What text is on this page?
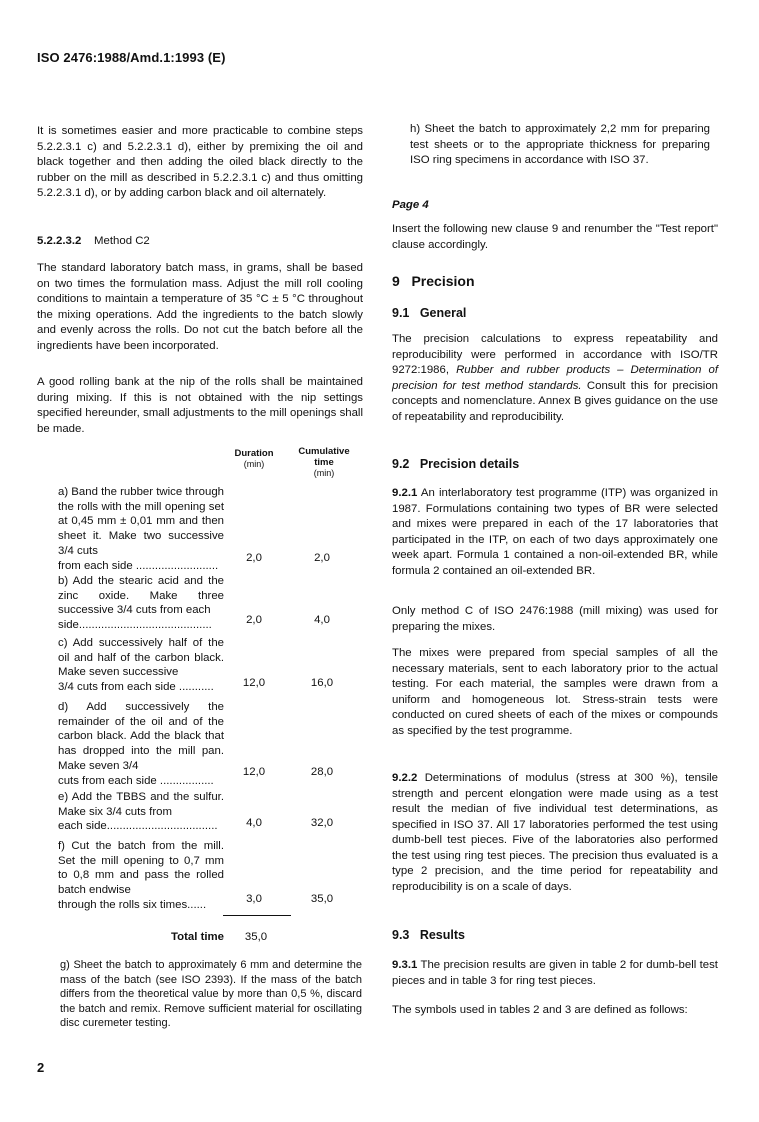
ISO 2476:1988/Amd.1:1993 (E)

It is sometimes easier and more practicable to combine steps 5.2.2.3.1 c) and 5.2.2.3.1 d), either by premixing the oil and black together and then adding the oiled black directly to the rubber on the mill as described in 5.2.2.3.1 c) and thus omitting 5.2.2.3.1 d), or by adding carbon black and oil alternately.

5.2.2.3.2 Method C2

The standard laboratory batch mass, in grams, shall be based on two times the formulation mass. Adjust the mill roll cooling conditions to maintain a temperature of 35 °C ± 5 °C throughout the mixing operations. Add the ingredients to the batch slowly and evenly across the rolls. Do not cut the batch before all the ingredients have been incorporated.

A good rolling bank at the nip of the rolls shall be maintained during mixing. If this is not obtained with the nip settings specified hereunder, small adjustments to the mill openings shall be made.

Duration
(min)
Cumulative
time
(min)
a) Band the rubber twice through the rolls with the mill opening set at 0,45 mm ± 0,01 mm and then sheet it. Make two successive 3/4 cuts
from each side ..........................
2,0	2,0
b) Add the stearic acid and the zinc oxide. Make three successive 3/4 cuts from each
side..........................................	2,0	4,0
c) Add successively half of the oil and half of the carbon black. Make seven successive
3/4 cuts from each side ...........	12,0	16,0
d) Add successively the remainder of the oil and of the carbon black. Add the black that has dropped into the mill pan. Make seven 3/4
cuts from each side .................
12,0	28,0
e) Add the TBBS and the sulfur. Make six 3/4 cuts from
each side...................................	4,0	32,0
f) Cut the batch from the mill. Set the mill opening to 0,7 mm to 0,8 mm and pass the rolled batch endwise
through the rolls six times......	3,0	35,0
Total time	35,0
g) Sheet the batch to approximately 6 mm and determine the mass of the batch (see ISO 2393). If the mass of the batch differs from the theoretical value by more than 0,5 %, discard the batch and remix. Remove sufficient material for oscillating disc curemeter testing.

h) Sheet the batch to approximately 2,2 mm for preparing test sheets or to the appropriate thickness for preparing ISO ring specimens in accordance with ISO 37.

Page 4

Insert the following new clause 9 and renumber the "Test report" clause accordingly.

9 Precision
9.1 General

The precision calculations to express repeatability and reproducibility were performed in accordance with ISO/TR 9272:1986, Rubber and rubber products – Determination of precision for test method standards. Consult this for precision concepts and nomenclature. Annex B gives guidance on the use of repeatability and reproducibility.

9.2 Precision details

9.2.1 An interlaboratory test programme (ITP) was organized in 1987. Formulations containing two types of BR were selected and mixes were prepared in each of the 17 laboratories that participated in the ITP, on each of two days approximately one week apart. Formula 1 contained a non-oil-extended BR, while formula 2 contained an oil-extended BR.

Only method C of ISO 2476:1988 (mill mixing) was used for preparing the mixes.

The mixes were prepared from special samples of all the necessary materials, sent to each laboratory prior to the actual testing. For each material, the samples were drawn from a uniform and homogeneous lot. Stress-strain tests were conducted on cured sheets of each of the mixes or compounds as specified by the test programme.

9.2.2 Determinations of modulus (stress at 300 %), tensile strength and percent elongation were made using as a test result the median of five individual test determinations, as specified in ISO 37. All 17 laboratories performed the test using dumb-bell test pieces. Five of the laboratories also performed the test using ring test pieces. The precision thus evaluated is a type 2 precision, and the time period for repeatability and reproducibility is on a scale of days.

9.3 Results

9.3.1 The precision results are given in table 2 for dumb-bell test pieces and in table 3 for ring test pieces.

The symbols used in tables 2 and 3 are defined as follows:

2
